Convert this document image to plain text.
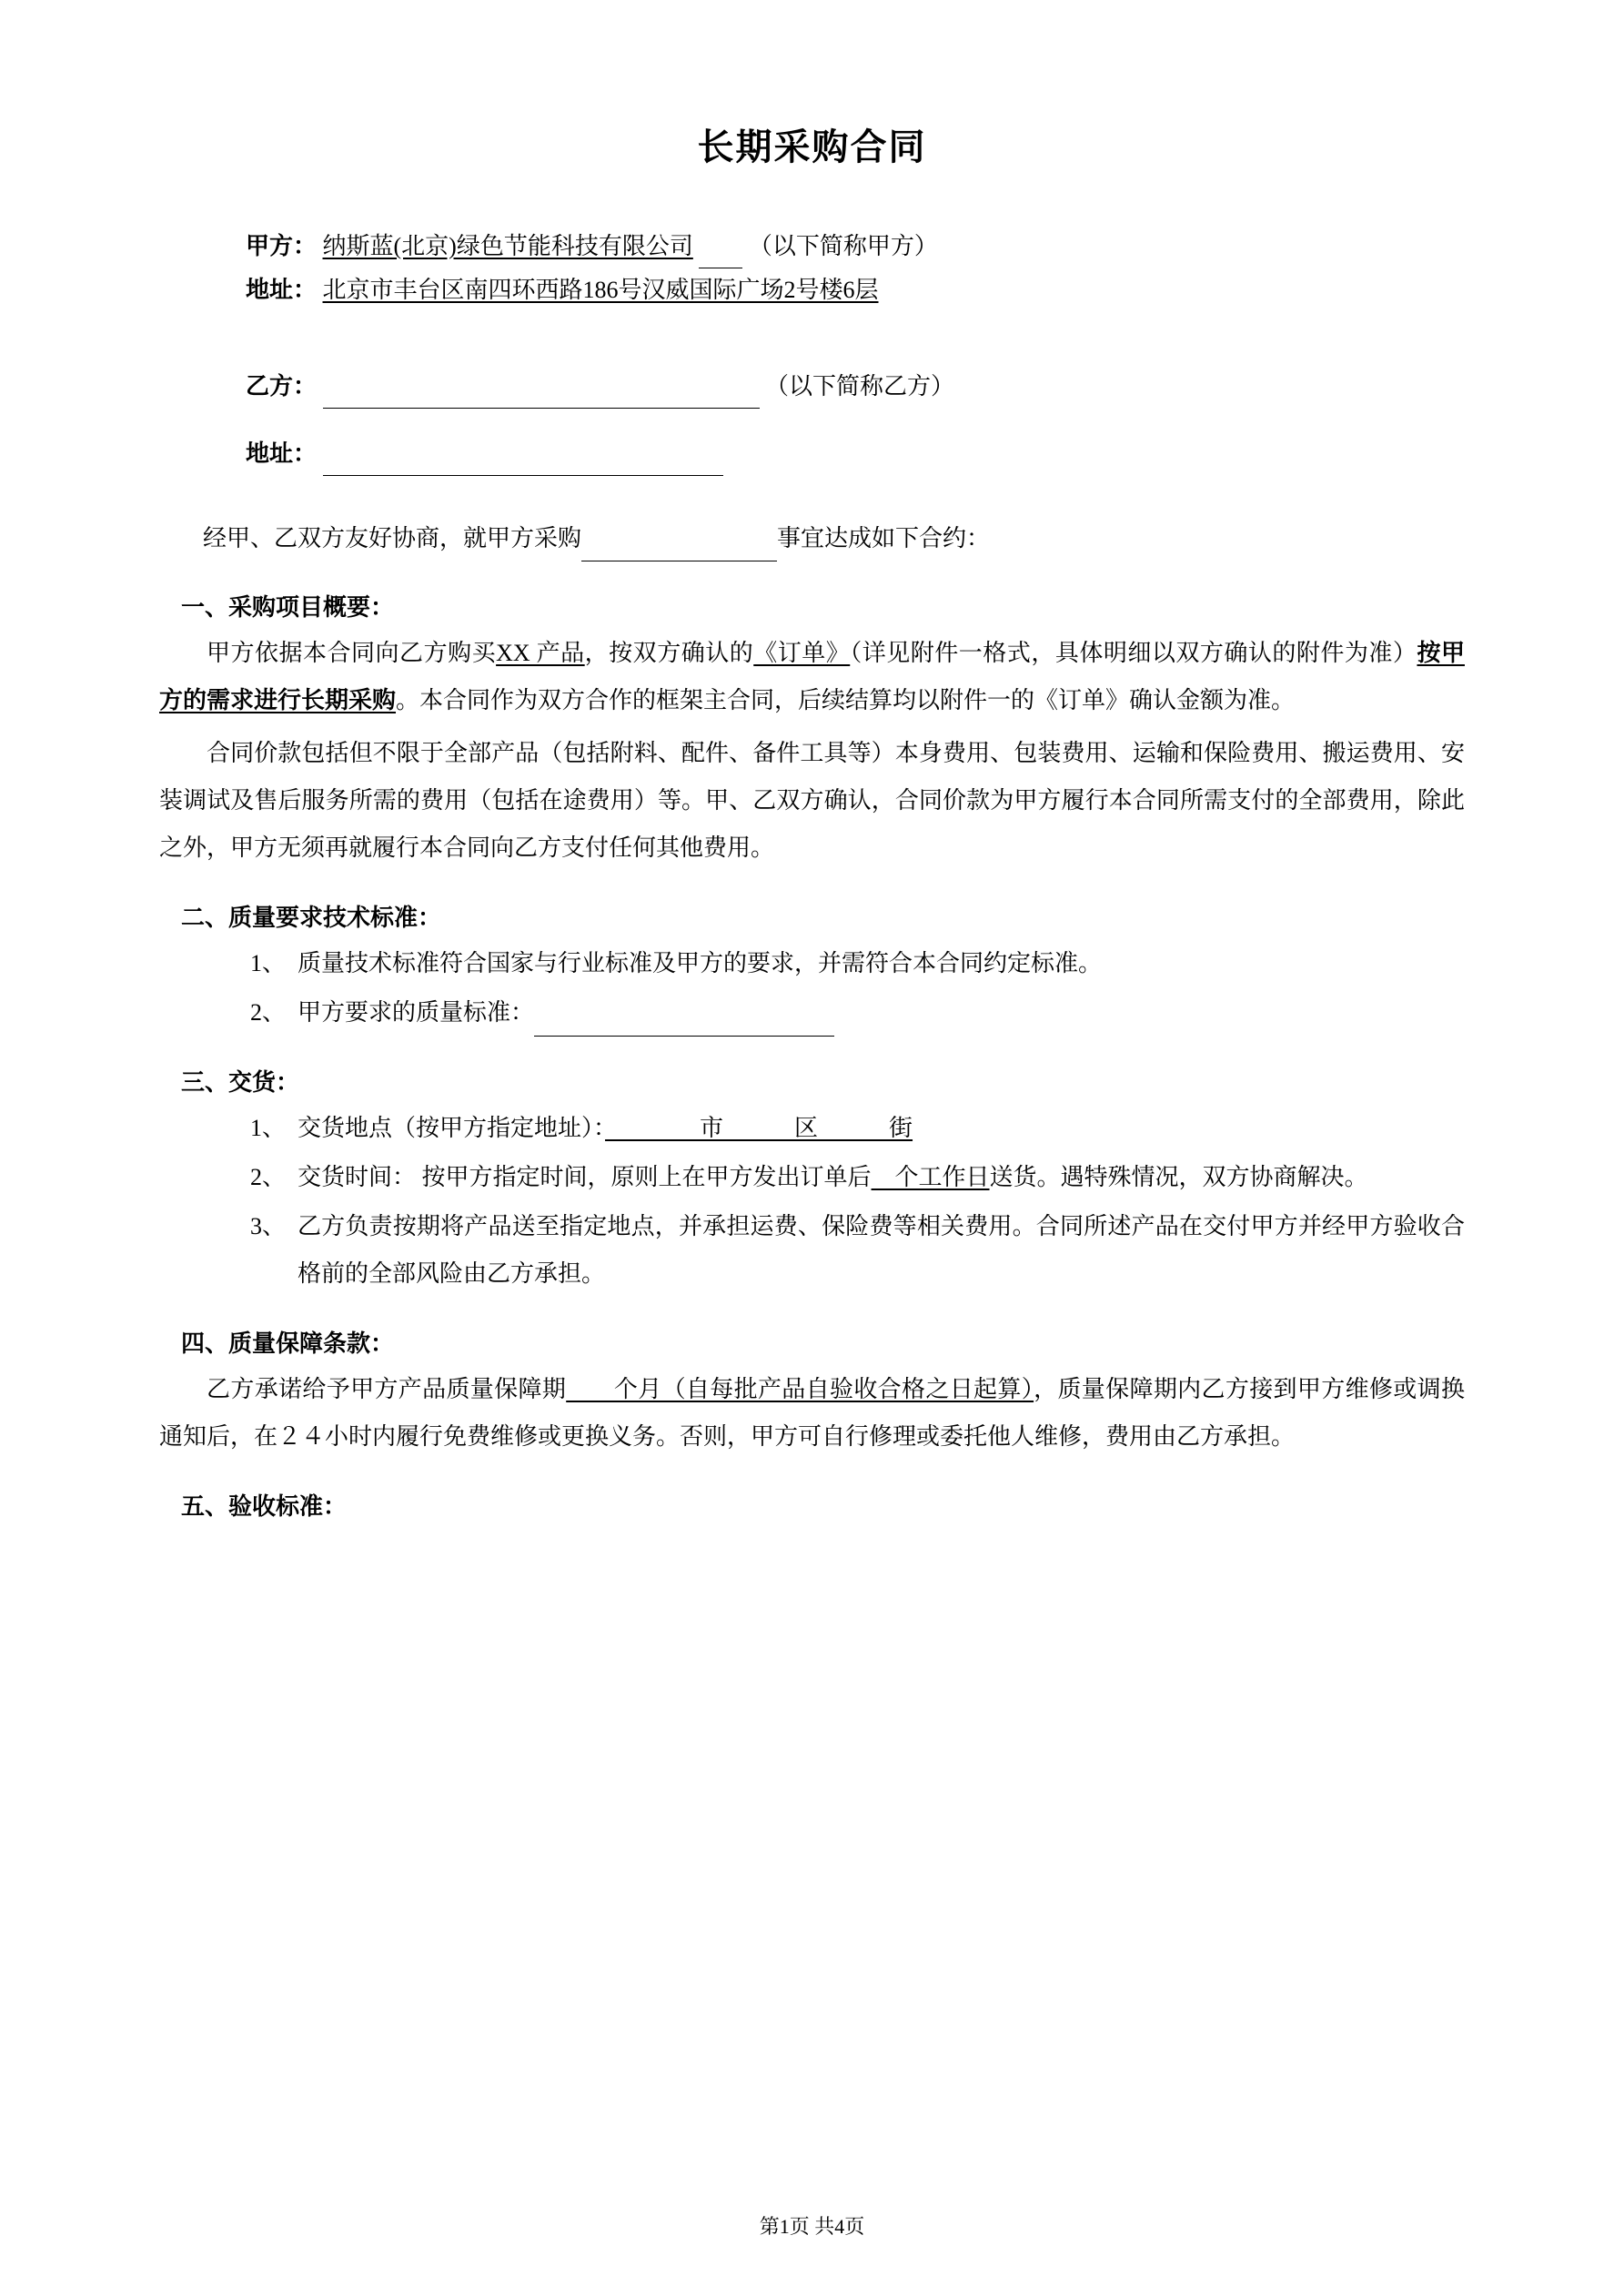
长期采购合同

甲方： 纳斯蓝(北京)绿色节能科技有限公司 （以下简称甲方）

地址： 北京市丰台区南四环西路186号汉威国际广场2号楼6层

乙方：	（以下简称乙方）

地址：

经甲、乙双方友好协商，就甲方采购	事宜达成如下合约：

一、采购项目概要：

甲方依据本合同向乙方购买XX 产品，按双方确认的《订单》（详见附件一格式，具体明细以双方确认的附件为准）按甲方的需求进行长期采购。本合同作为双方合作的框架主合同，后续结算均以附件一的《订单》确认金额为准。

合同价款包括但不限于全部产品（包括附料、配件、备件工具等）本身费用、包装费用、运输和保险费用、搬运费用、安装调试及售后服务所需的费用（包括在途费用）等。甲、乙双方确认，合同价款为甲方履行本合同所需支付的全部费用，除此之外，甲方无须再就履行本合同向乙方支付任何其他费用。

二、质量要求技术标准：
1、 质量技术标准符合国家与行业标准及甲方的要求，并需符合本合同约定标准。
2、 甲方要求的质量标准：
三、交货：
1、 交货地点（按甲方指定地址）：　　　　市　　　区　　　街
2、 交货时间： 按甲方指定时间，原则上在甲方发出订单后　个工作日送货。遇特殊情况，双方协商解决。
3、 乙方负责按期将产品送至指定地点，并承担运费、保险费等相关费用。合同所述产品在交付甲方并经甲方验收合格前的全部风险由乙方承担。
四、质量保障条款：

乙方承诺给予甲方产品质量保障期　　个月（自每批产品自验收合格之日起算），质量保障期内乙方接到甲方维修或调换通知后，在２４小时内履行免费维修或更换义务。否则，甲方可自行修理或委托他人维修，费用由乙方承担。

五、验收标准：
第1页 共4页
